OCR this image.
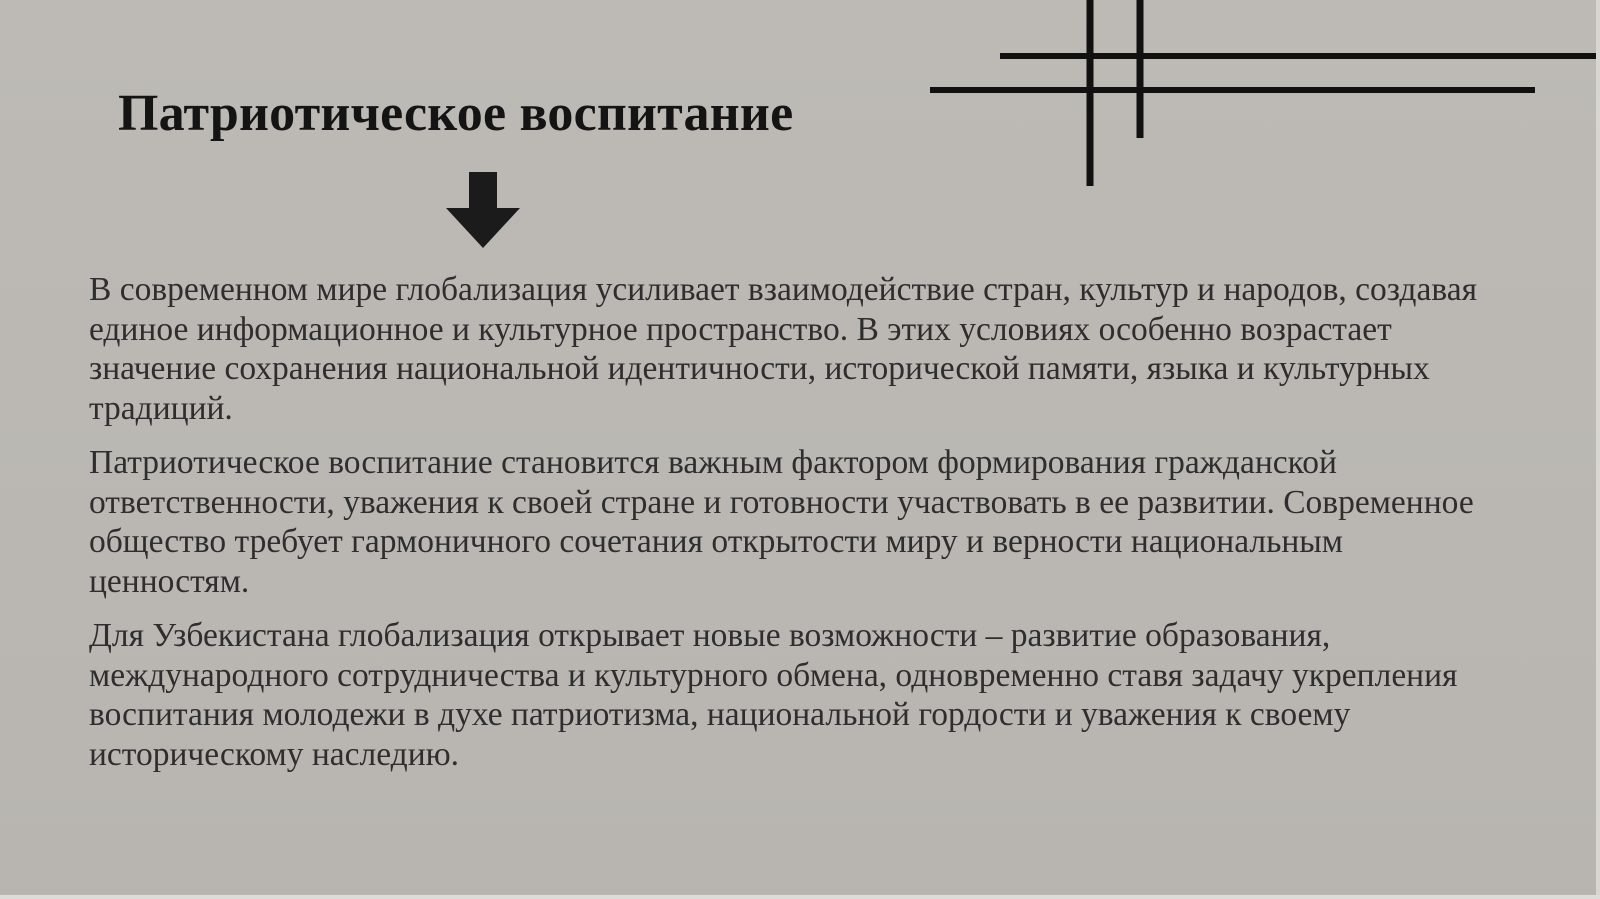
Патриотическое воспитание

В современном мире глобализация усиливает взаимодействие стран, культур и народов, создавая единое информационное и культурное пространство. В этих условиях особенно возрастает значение сохранения национальной идентичности, исторической памяти, языка и культурных традиций.

Патриотическое воспитание становится важным фактором формирования гражданской ответственности, уважения к своей стране и готовности участвовать в ее развитии. Современное общество требует гармоничного сочетания открытости миру и верности национальным ценностям.

Для Узбекистана глобализация открывает новые возможности – развитие образования, международного сотрудничества и культурного обмена, одновременно ставя задачу укрепления воспитания молодежи в духе патриотизма, национальной гордости и уважения к своему историческому наследию.
